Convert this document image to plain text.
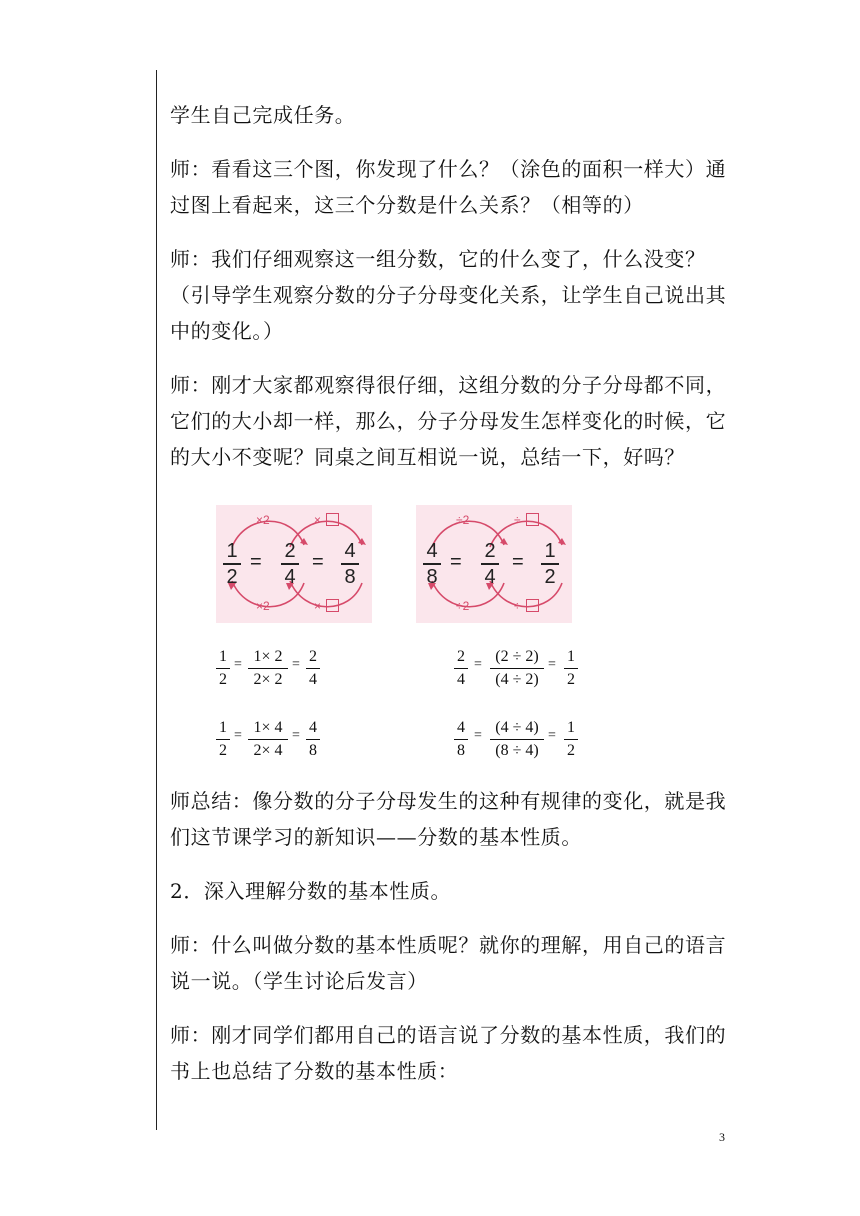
学生自己完成任务。

师：看看这三个图，你发现了什么？（涂色的面积一样大）通过图上看起来，这三个分数是什么关系？（相等的）

师：我们仔细观察这一组分数，它的什么变了，什么没变？（引导学生观察分数的分子分母变化关系，让学生自己说出其中的变化。）

师：刚才大家都观察得很仔细，这组分数的分子分母都不同，它们的大小却一样，那么，分子分母发生怎样变化的时候，它的大小不变呢？同桌之间互相说一说，总结一下，好吗？

×2	×
1
2
= 2
4
= 4
8
×2	×
÷2	÷
4
8
= 2
4
= 1
2
÷2	÷
1
2
= 1× 2
2× 2
= 2
4
2
4
= (2 ÷ 2)
(4 ÷ 2)
= 1
2
1
2
= 1× 4
2× 4
= 4
8
4
8
= (4 ÷ 4)
(8 ÷ 4)
= 1
2

师总结：像分数的分子分母发生的这种有规律的变化，就是我们这节课学习的新知识——分数的基本性质。

2．深入理解分数的基本性质。

师：什么叫做分数的基本性质呢？就你的理解，用自己的语言说一说。（学生讨论后发言）

师：刚才同学们都用自己的语言说了分数的基本性质，我们的书上也总结了分数的基本性质：

3
